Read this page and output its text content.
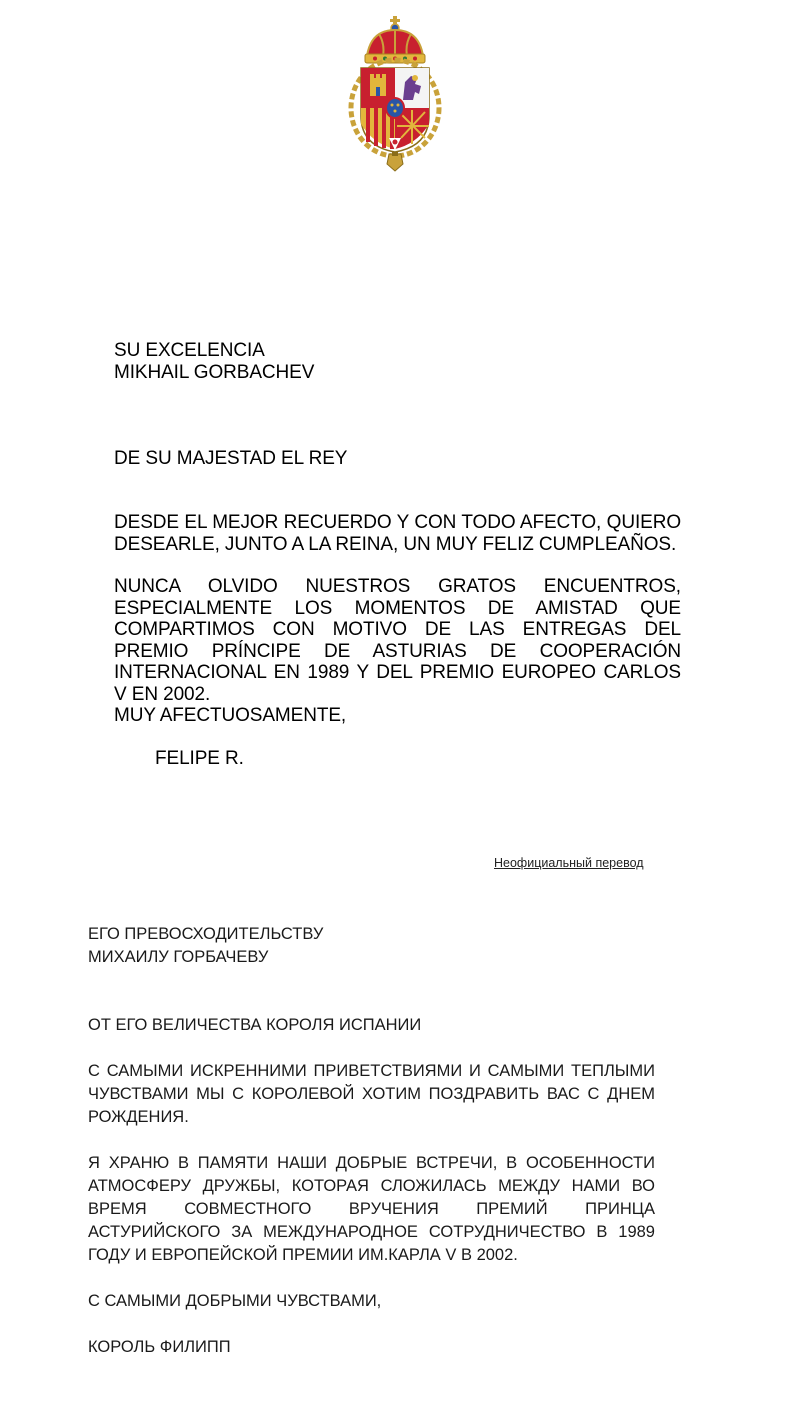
SU EXCELENCIA

MIKHAIL GORBACHEV

DE SU MAJESTAD EL REY

DESDE EL MEJOR RECUERDO Y CON TODO AFECTO, QUIERO DESEARLE, JUNTO A LA REINA, UN MUY FELIZ CUMPLEAÑOS.

NUNCA OLVIDO NUESTROS GRATOS ENCUENTROS, ESPECIALMENTE LOS MOMENTOS DE AMISTAD QUE COMPARTIMOS CON MOTIVO DE LAS ENTREGAS DEL PREMIO PRÍNCIPE DE ASTURIAS DE COOPERACIÓN INTERNACIONAL EN 1989 Y DEL PREMIO EUROPEO CARLOS V EN 2002.

MUY AFECTUOSAMENTE,

FELIPE R.

Неофициальный перевод

ЕГО ПРЕВОСХОДИТЕЛЬСТВУ

МИХАИЛУ ГОРБАЧЕВУ

ОТ ЕГО ВЕЛИЧЕСТВА КОРОЛЯ ИСПАНИИ

С САМЫМИ ИСКРЕННИМИ ПРИВЕТСТВИЯМИ И САМЫМИ ТЕПЛЫМИ ЧУВСТВАМИ МЫ С КОРОЛЕВОЙ ХОТИМ ПОЗДРАВИТЬ ВАС С ДНЕМ РОЖДЕНИЯ.

Я ХРАНЮ В ПАМЯТИ НАШИ ДОБРЫЕ ВСТРЕЧИ, В ОСОБЕННОСТИ АТМОСФЕРУ ДРУЖБЫ, КОТОРАЯ СЛОЖИЛАСЬ МЕЖДУ НАМИ ВО ВРЕМЯ СОВМЕСТНОГО ВРУЧЕНИЯ ПРЕМИЙ ПРИНЦА АСТУРИЙСКОГО ЗА МЕЖДУНАРОДНОЕ СОТРУДНИЧЕСТВО В 1989 ГОДУ И ЕВРОПЕЙСКОЙ ПРЕМИИ ИМ.КАРЛА V В 2002.

С САМЫМИ ДОБРЫМИ ЧУВСТВАМИ,

КОРОЛЬ ФИЛИПП
